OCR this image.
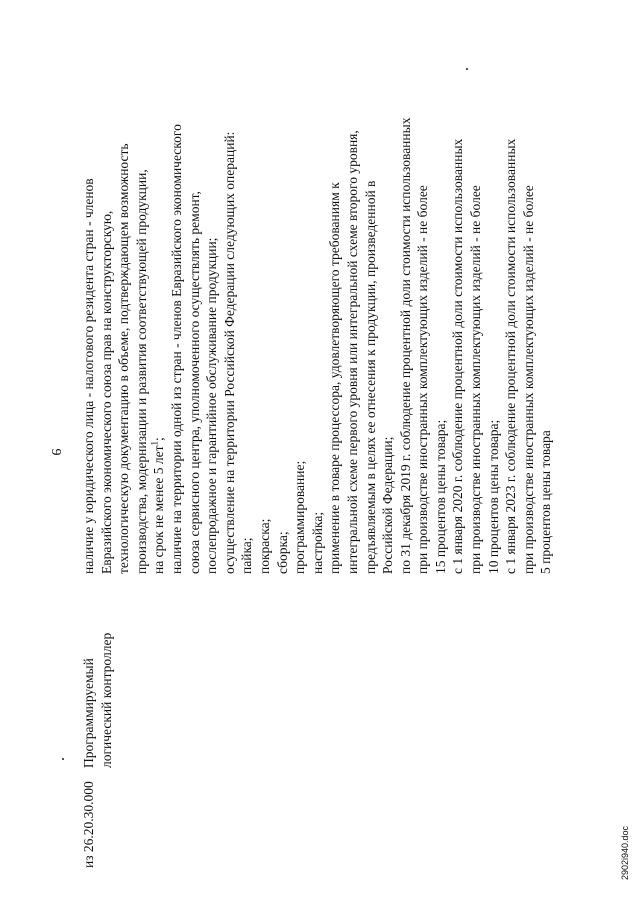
9
из 26.20.30.000
Программируемый логический контроллер
наличие у юридического лица - налогового резидента стран - членов Евразийского экономического союза прав на конструкторскую, технологическую документацию в объеме, подтверждающем возможность производства, модернизации и развития соответствующей продукции, на срок не менее 5 лет$^1$; наличие на территории одной из стран - членов Евразийского экономического союза сервисного центра, уполномоченного осуществлять ремонт, послепродажное и гарантийное обслуживание продукции; осуществление на территории Российской Федерации следующих операций: пайка; покраска; сборка; программирование; настройка; применение в товаре процессора, удовлетворяющего требованиям к интегральной схеме первого уровня или интегральной схеме второго уровня, предъявляемым в целях ее отнесения к продукции, произведенной в Российской Федерации; по 31 декабря 2019 г. соблюдение процентной доли стоимости использованных при производстве иностранных комплектующих изделий - не более 15 процентов цены товара; с 1 января 2020 г. соблюдение процентной доли стоимости использованных при производстве иностранных комплектующих изделий - не более 10 процентов цены товара; с 1 января 2023 г. соблюдение процентной доли стоимости использованных при производстве иностранных комплектующих изделий - не более 5 процентов цены товара
2902i940.doc
